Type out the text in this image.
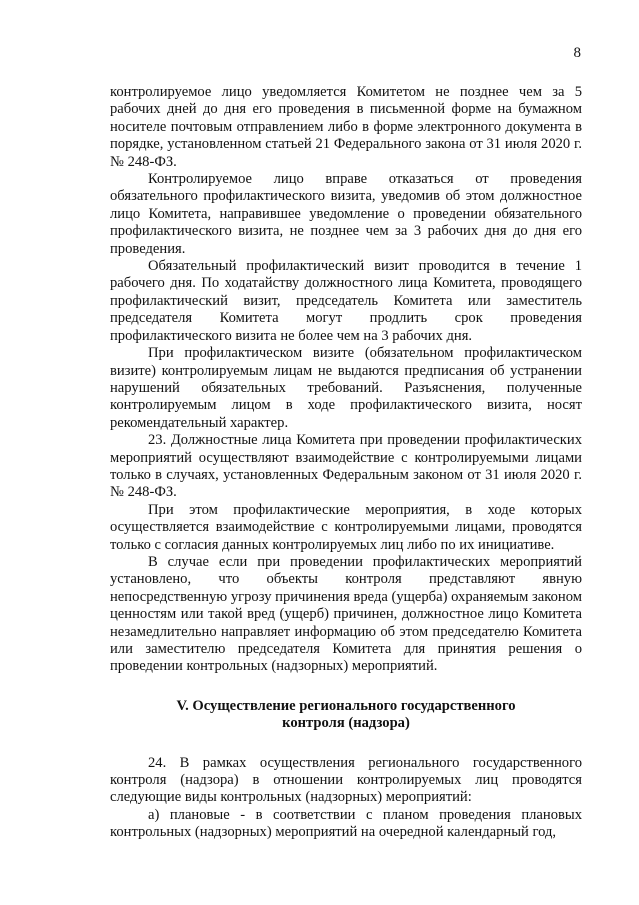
8

контролируемое лицо уведомляется Комитетом не позднее чем за 5 рабочих дней до дня его проведения в письменной форме на бумажном носителе почтовым отправлением либо в форме электронного документа в порядке, установленном статьей 21 Федерального закона от 31 июля 2020 г. № 248-ФЗ.

Контролируемое лицо вправе отказаться от проведения обязательного профилактического визита, уведомив об этом должностное лицо Комитета, направившее уведомление о проведении обязательного профилактического визита, не позднее чем за 3 рабочих дня до дня его проведения.

Обязательный профилактический визит проводится в течение 1 рабочего дня. По ходатайству должностного лица Комитета, проводящего профилактический визит, председатель Комитета или заместитель председателя Комитета могут продлить срок проведения профилактического визита не более чем на 3 рабочих дня.

При профилактическом визите (обязательном профилактическом визите) контролируемым лицам не выдаются предписания об устранении нарушений обязательных требований. Разъяснения, полученные контролируемым лицом в ходе профилактического визита, носят рекомендательный характер.

23. Должностные лица Комитета при проведении профилактических мероприятий осуществляют взаимодействие с контролируемыми лицами только в случаях, установленных Федеральным законом от 31 июля 2020 г. № 248-ФЗ.

При этом профилактические мероприятия, в ходе которых осуществляется взаимодействие с контролируемыми лицами, проводятся только с согласия данных контролируемых лиц либо по их инициативе.

В случае если при проведении профилактических мероприятий установлено, что объекты контроля представляют явную непосредственную угрозу причинения вреда (ущерба) охраняемым законом ценностям или такой вред (ущерб) причинен, должностное лицо Комитета незамедлительно направляет информацию об этом председателю Комитета или заместителю председателя Комитета для принятия решения о проведении контрольных (надзорных) мероприятий.

V. Осуществление регионального государственного
контроля (надзора)

24. В рамках осуществления регионального государственного контроля (надзора) в отношении контролируемых лиц проводятся следующие виды контрольных (надзорных) мероприятий:

а) плановые - в соответствии с планом проведения плановых контрольных (надзорных) мероприятий на очередной календарный год,
